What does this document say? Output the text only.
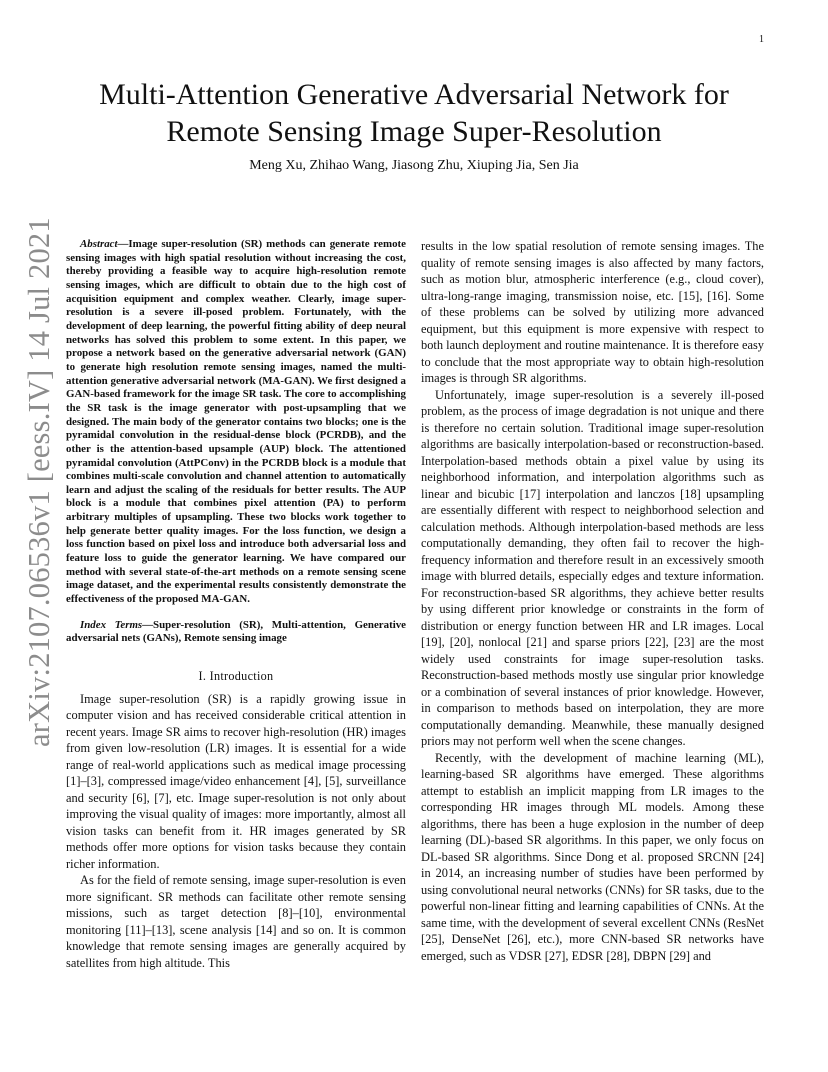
1
arXiv:2107.06536v1 [eess.IV] 14 Jul 2021
Multi-Attention Generative Adversarial Network for
Remote Sensing Image Super-Resolution
Meng Xu, Zhihao Wang, Jiasong Zhu, Xiuping Jia, Sen Jia

Abstract—Image super-resolution (SR) methods can generate remote sensing images with high spatial resolution without increasing the cost, thereby providing a feasible way to acquire high-resolution remote sensing images, which are difficult to obtain due to the high cost of acquisition equipment and complex weather. Clearly, image super-resolution is a severe ill-posed problem. Fortunately, with the development of deep learning, the powerful fitting ability of deep neural networks has solved this problem to some extent. In this paper, we propose a network based on the generative adversarial network (GAN) to generate high resolution remote sensing images, named the multi-attention generative adversarial network (MA-GAN). We first designed a GAN-based framework for the image SR task. The core to accomplishing the SR task is the image generator with post-upsampling that we designed. The main body of the generator contains two blocks; one is the pyramidal convolution in the residual-dense block (PCRDB), and the other is the attention-based upsample (AUP) block. The attentioned pyramidal convolution (AttPConv) in the PCRDB block is a module that combines multi-scale convolution and channel attention to automatically learn and adjust the scaling of the residuals for better results. The AUP block is a module that combines pixel attention (PA) to perform arbitrary multiples of upsampling. These two blocks work together to help generate better quality images. For the loss function, we design a loss function based on pixel loss and introduce both adversarial loss and feature loss to guide the generator learning. We have compared our method with several state-of-the-art methods on a remote sensing scene image dataset, and the experimental results consistently demonstrate the effectiveness of the proposed MA-GAN.

Index Terms—Super-resolution (SR), Multi-attention, Generative adversarial nets (GANs), Remote sensing image

I. Introduction

Image super-resolution (SR) is a rapidly growing issue in computer vision and has received considerable critical attention in recent years. Image SR aims to recover high-resolution (HR) images from given low-resolution (LR) images. It is essential for a wide range of real-world applications such as medical image processing [1]–[3], compressed image/video enhancement [4], [5], surveillance and security [6], [7], etc. Image super-resolution is not only about improving the visual quality of images: more importantly, almost all vision tasks can benefit from it. HR images generated by SR methods offer more options for vision tasks because they contain richer information.

As for the field of remote sensing, image super-resolution is even more significant. SR methods can facilitate other remote sensing missions, such as target detection [8]–[10], environmental monitoring [11]–[13], scene analysis [14] and so on. It is common knowledge that remote sensing images are generally acquired by satellites from high altitude. This

results in the low spatial resolution of remote sensing images. The quality of remote sensing images is also affected by many factors, such as motion blur, atmospheric interference (e.g., cloud cover), ultra-long-range imaging, transmission noise, etc. [15], [16]. Some of these problems can be solved by utilizing more advanced equipment, but this equipment is more expensive with respect to both launch deployment and routine maintenance. It is therefore easy to conclude that the most appropriate way to obtain high-resolution images is through SR algorithms.

Unfortunately, image super-resolution is a severely ill-posed problem, as the process of image degradation is not unique and there is therefore no certain solution. Traditional image super-resolution algorithms are basically interpolation-based or reconstruction-based. Interpolation-based methods obtain a pixel value by using its neighborhood information, and interpolation algorithms such as linear and bicubic [17] interpolation and lanczos [18] upsampling are essentially different with respect to neighborhood selection and calculation methods. Although interpolation-based methods are less computationally demanding, they often fail to recover the high-frequency information and therefore result in an excessively smooth image with blurred details, especially edges and texture information. For reconstruction-based SR algorithms, they achieve better results by using different prior knowledge or constraints in the form of distribution or energy function between HR and LR images. Local [19], [20], nonlocal [21] and sparse priors [22], [23] are the most widely used constraints for image super-resolution tasks. Reconstruction-based methods mostly use singular prior knowledge or a combination of several instances of prior knowledge. However, in comparison to methods based on interpolation, they are more computationally demanding. Meanwhile, these manually designed priors may not perform well when the scene changes.

Recently, with the development of machine learning (ML), learning-based SR algorithms have emerged. These algorithms attempt to establish an implicit mapping from LR images to the corresponding HR images through ML models. Among these algorithms, there has been a huge explosion in the number of deep learning (DL)-based SR algorithms. In this paper, we only focus on DL-based SR algorithms. Since Dong et al. proposed SRCNN [24] in 2014, an increasing number of studies have been performed by using convolutional neural networks (CNNs) for SR tasks, due to the powerful non-linear fitting and learning capabilities of CNNs. At the same time, with the development of several excellent CNNs (ResNet [25], DenseNet [26], etc.), more CNN-based SR networks have emerged, such as VDSR [27], EDSR [28], DBPN [29] and
